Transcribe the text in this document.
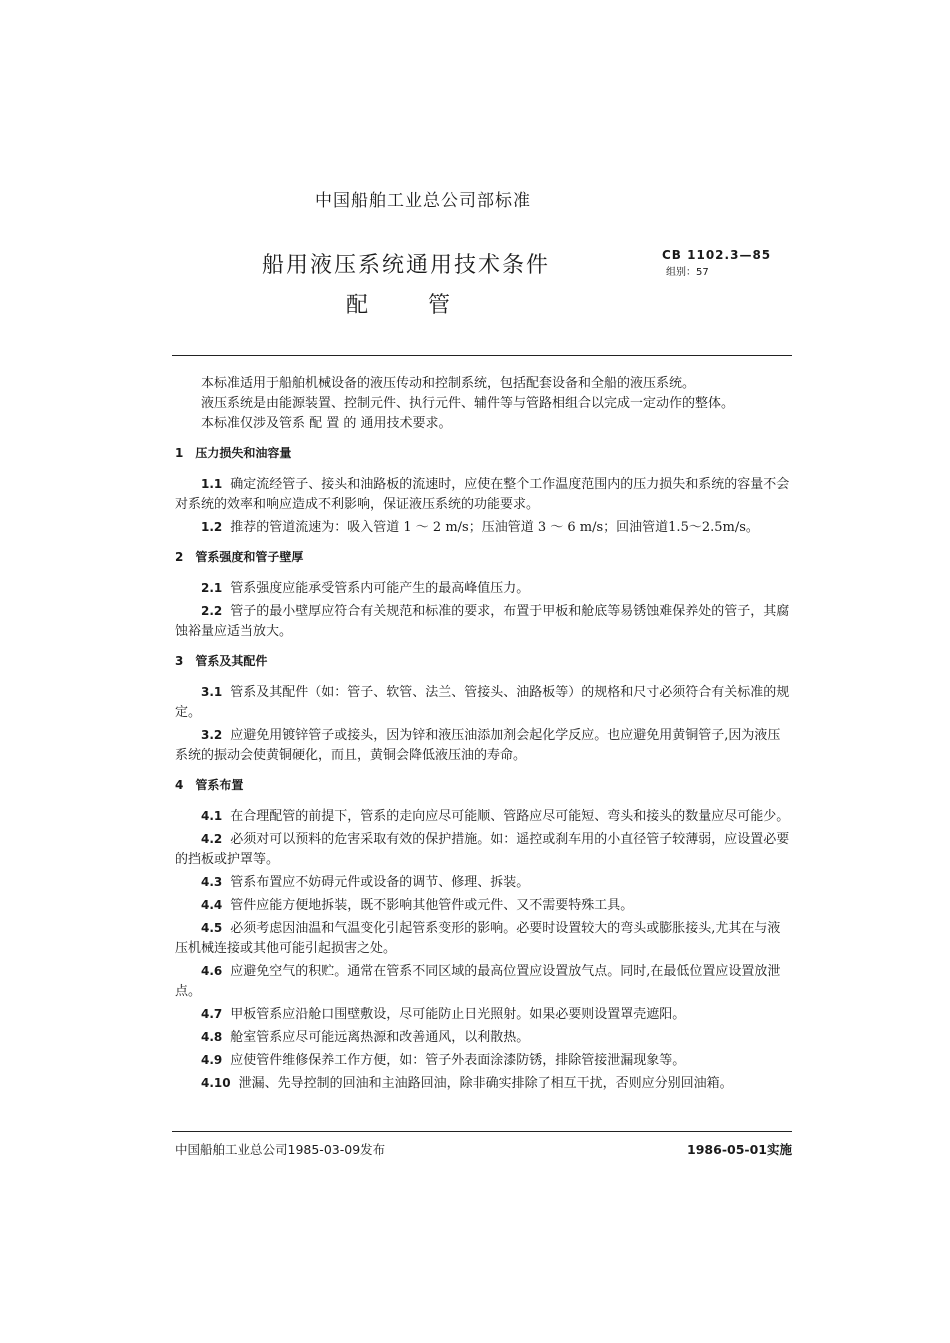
中国船舶工业总公司部标准
船用液压系统通用技术条件
配管
CB 1102.3—85
组别：57

本标准适用于船舶机械设备的液压传动和控制系统，包括配套设备和全船的液压系统。

液压系统是由能源装置、控制元件、执行元件、辅件等与管路相组合以完成一定动作的整体。

本标准仅涉及管系 配 置 的 通用技术要求。

1 压力损失和油容量

1.1 确定流经管子、接头和油路板的流速时，应使在整个工作温度范围内的压力损失和系统的容量不会对系统的效率和响应造成不利影响，保证液压系统的功能要求。

1.2 推荐的管道流速为：吸入管道 1 ～ 2 m/s；压油管道 3 ～ 6 m/s；回油管道1.5～2.5m/s。

2 管系强度和管子壁厚

2.1 管系强度应能承受管系内可能产生的最高峰值压力。

2.2 管子的最小壁厚应符合有关规范和标准的要求，布置于甲板和舱底等易锈蚀难保养处的管子，其腐蚀裕量应适当放大。

3 管系及其配件

3.1 管系及其配件（如：管子、软管、法兰、管接头、油路板等）的规格和尺寸必须符合有关标准的规定。

3.2 应避免用镀锌管子或接头，因为锌和液压油添加剂会起化学反应。也应避免用黄铜管子,因为液压系统的振动会使黄铜硬化，而且，黄铜会降低液压油的寿命。

4 管系布置

4.1 在合理配管的前提下，管系的走向应尽可能顺、管路应尽可能短、弯头和接头的数量应尽可能少。

4.2 必须对可以预料的危害采取有效的保护措施。如：遥控或刹车用的小直径管子较薄弱，应设置必要的挡板或护罩等。

4.3 管系布置应不妨碍元件或设备的调节、修理、拆装。

4.4 管件应能方便地拆装，既不影响其他管件或元件、又不需要特殊工具。

4.5 必须考虑因油温和气温变化引起管系变形的影响。必要时设置较大的弯头或膨胀接头,尤其在与液压机械连接或其他可能引起损害之处。

4.6 应避免空气的积贮。通常在管系不同区域的最高位置应设置放气点。同时,在最低位置应设置放泄点。

4.7 甲板管系应沿舱口围壁敷设，尽可能防止日光照射。如果必要则设置罩壳遮阳。

4.8 舱室管系应尽可能远离热源和改善通风，以利散热。

4.9 应使管件维修保养工作方便，如：管子外表面涂漆防锈，排除管接泄漏现象等。

4.10 泄漏、先导控制的回油和主油路回油，除非确实排除了相互干扰，否则应分别回油箱。

中国船舶工业总公司1985-03-09发布	1986-05-01实施
